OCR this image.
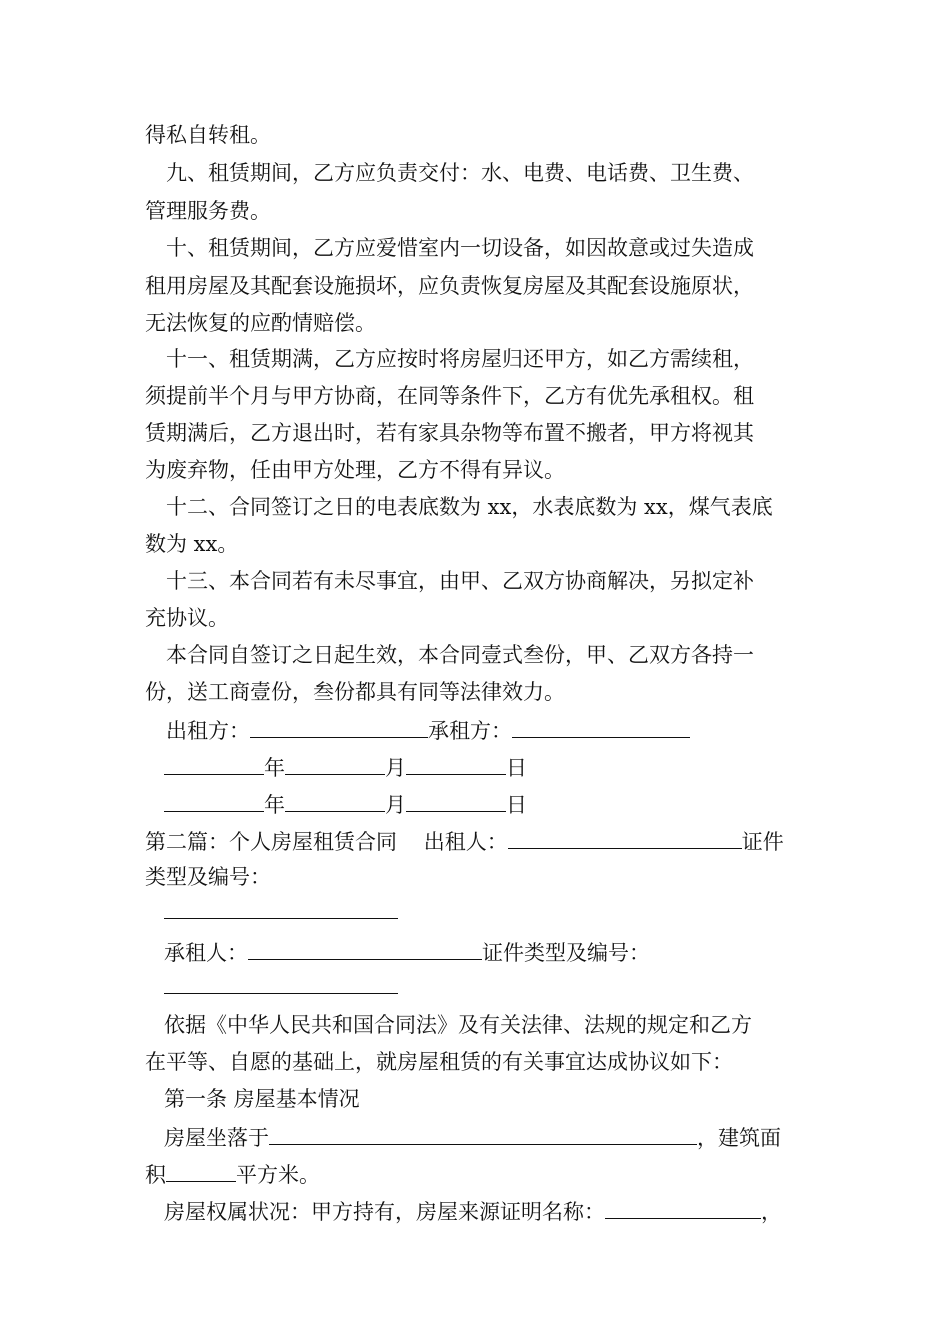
得私自转租。
九、租赁期间，乙方应负责交付：水、电费、电话费、卫生费、
管理服务费。
十、租赁期间，乙方应爱惜室内一切设备，如因故意或过失造成
租用房屋及其配套设施损坏，应负责恢复房屋及其配套设施原状，
无法恢复的应酌情赔偿。
十一、租赁期满，乙方应按时将房屋归还甲方，如乙方需续租，
须提前半个月与甲方协商，在同等条件下，乙方有优先承租权。租
赁期满后，乙方退出时，若有家具杂物等布置不搬者，甲方将视其
为废弃物，任由甲方处理，乙方不得有异议。
十二、合同签订之日的电表底数为 xx，水表底数为 xx，煤气表底
数为 xx。
十三、本合同若有未尽事宜，由甲、乙双方协商解决，另拟定补
充协议。
本合同自签订之日起生效，本合同壹式叁份，甲、乙双方各持一
份，送工商壹份，叁份都具有同等法律效力。
出租方：	承租方：
年	月	日
年	月	日
第二篇：个人房屋租赁合同 出租人：	证件
类型及编号：
承租人：	证件类型及编号：
依据《中华人民共和国合同法》及有关法律、法规的规定和乙方
在平等、自愿的基础上，就房屋租赁的有关事宜达成协议如下：
第一条 房屋基本情况
房屋坐落于	，建筑面
积	平方米。
房屋权属状况：甲方持有，房屋来源证明名称：	，
